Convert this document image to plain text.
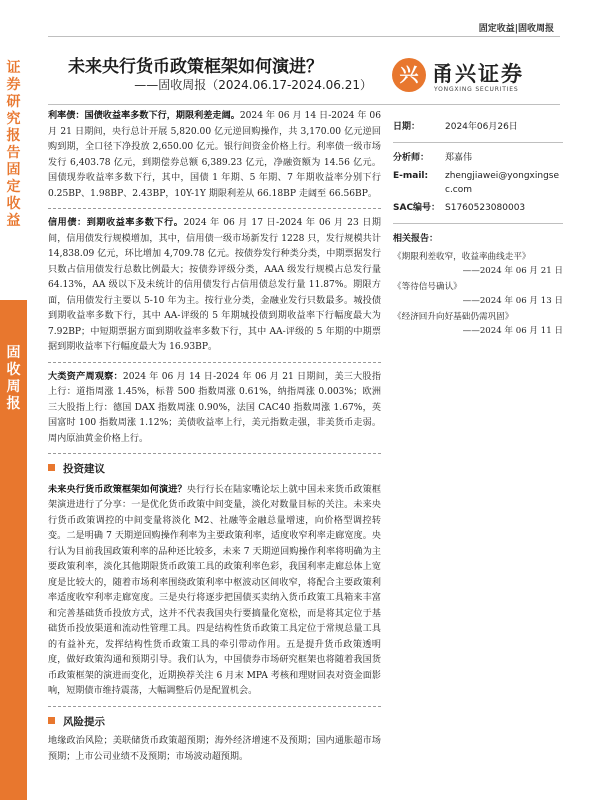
固定收益|固收周报
证券研究报告固定收益
固收周报
未来央行货币政策框架如何演进？
——固收周报（2024.06.17-2024.06.21）	兴 甬兴证券
YONGXING SECURITIES

利率债：国债收益率多数下行，期限利差走阔。2024 年 06 月 14 日-2024 年 06 月 21 日期间，央行总计开展 5,820.00 亿元逆回购操作，共 3,170.00 亿元逆回购到期，全口径下净投放 2,650.00 亿元。银行间资金价格上行。利率债一级市场发行 6,403.78 亿元，到期偿券总额 6,389.23 亿元，净融资额为 14.56 亿元。国债现券收益率多数下行，其中，国债 1 年期、5 年期、7 年期收益率分别下行 0.25BP、1.98BP、2.43BP，10Y-1Y 期限利差从 66.18BP 走阔至 66.56BP。

信用债：到期收益率多数下行。2024 年 06 月 17 日-2024 年 06 月 23 日期间，信用债发行规模增加，其中，信用债一级市场新发行 1228 只，发行规模共计 14,838.09 亿元，环比增加 4,709.78 亿元。按债券发行种类分类，中期票据发行只数占信用债发行总数比例最大；按债券评级分类，AAA 级发行规模占总发行量 64.13%，AA 级以下及未统计的信用债发行占信用债总发行量 11.87%。期限方面，信用债发行主要以 5-10 年为主。按行业分类，金融业发行只数最多。城投债到期收益率多数下行，其中 AA-评级的 5 年期城投债到期收益率下行幅度最大为 7.92BP；中短期票据方面到期收益率多数下行，其中 AA-评级的 5 年期的中期票据到期收益率下行幅度最大为 16.93BP。

大类资产周观察：2024 年 06 月 14 日-2024 年 06 月 21 日期间，美三大股指上行：道指周涨 1.45%，标普 500 指数周涨 0.61%，纳指周涨 0.003%；欧洲三大股指上行：德国 DAX 指数周涨 0.90%，法国 CAC40 指数周涨 1.67%，英国富时 100 指数周涨 1.12%；美债收益率上行，美元指数走强，非美货币走弱。周内原油黄金价格上行。

投资建议

未来央行货币政策框架如何演进？央行行长在陆家嘴论坛上就中国未来货币政策框架演进进行了分享：一是优化货币政策中间变量，淡化对数量目标的关注。未来央行货币政策调控的中间变量将淡化 M2、社融等金融总量增速，向价格型调控转变。二是明确 7 天期逆回购操作利率为主要政策利率，适度收窄利率走廊宽度。央行认为目前我国政策利率的品种还比较多，未来 7 天期逆回购操作利率将明确为主要政策利率，淡化其他期限货币政策工具的政策利率色彩，我国利率走廊总体上宽度是比较大的，随着市场利率围绕政策利率中枢波动区间收窄，将配合主要政策利率适度收窄利率走廊宽度。三是央行将逐步把国债买卖纳入货币政策工具箱来丰富和完善基础货币投放方式，这并不代表我国央行要搞量化宽松，而是将其定位于基础货币投放渠道和流动性管理工具。四是结构性货币政策工具定位于常规总量工具的有益补充，发挥结构性货币政策工具的牵引带动作用。五是提升货币政策透明度，做好政策沟通和预期引导。我们认为，中国债券市场研究框架也将随着我国货币政策框架的演进而变化，近期换荐关注 6 月末 MPA 考核和理财回表对资金面影响，短期债市维持震荡，大幅调整后仍是配置机会。

风险提示

地缘政治风险；美联储货币政策超预期；海外经济增速不及预期；国内通胀超市场预期；上市公司业绩不及预期；市场波动超预期。

日期：	2024年06月26日
分析师： 郑嘉伟
E-mail: zhengjiawei@yongxingsec.com
SAC编号： S1760523080003
相关报告：
《期限利差收窄，收益率曲线走平》
——2024 年 06 月 21 日
《等待信号确认》
——2024 年 06 月 13 日
《经济回升向好基础仍需巩固》
——2024 年 06 月 11 日
